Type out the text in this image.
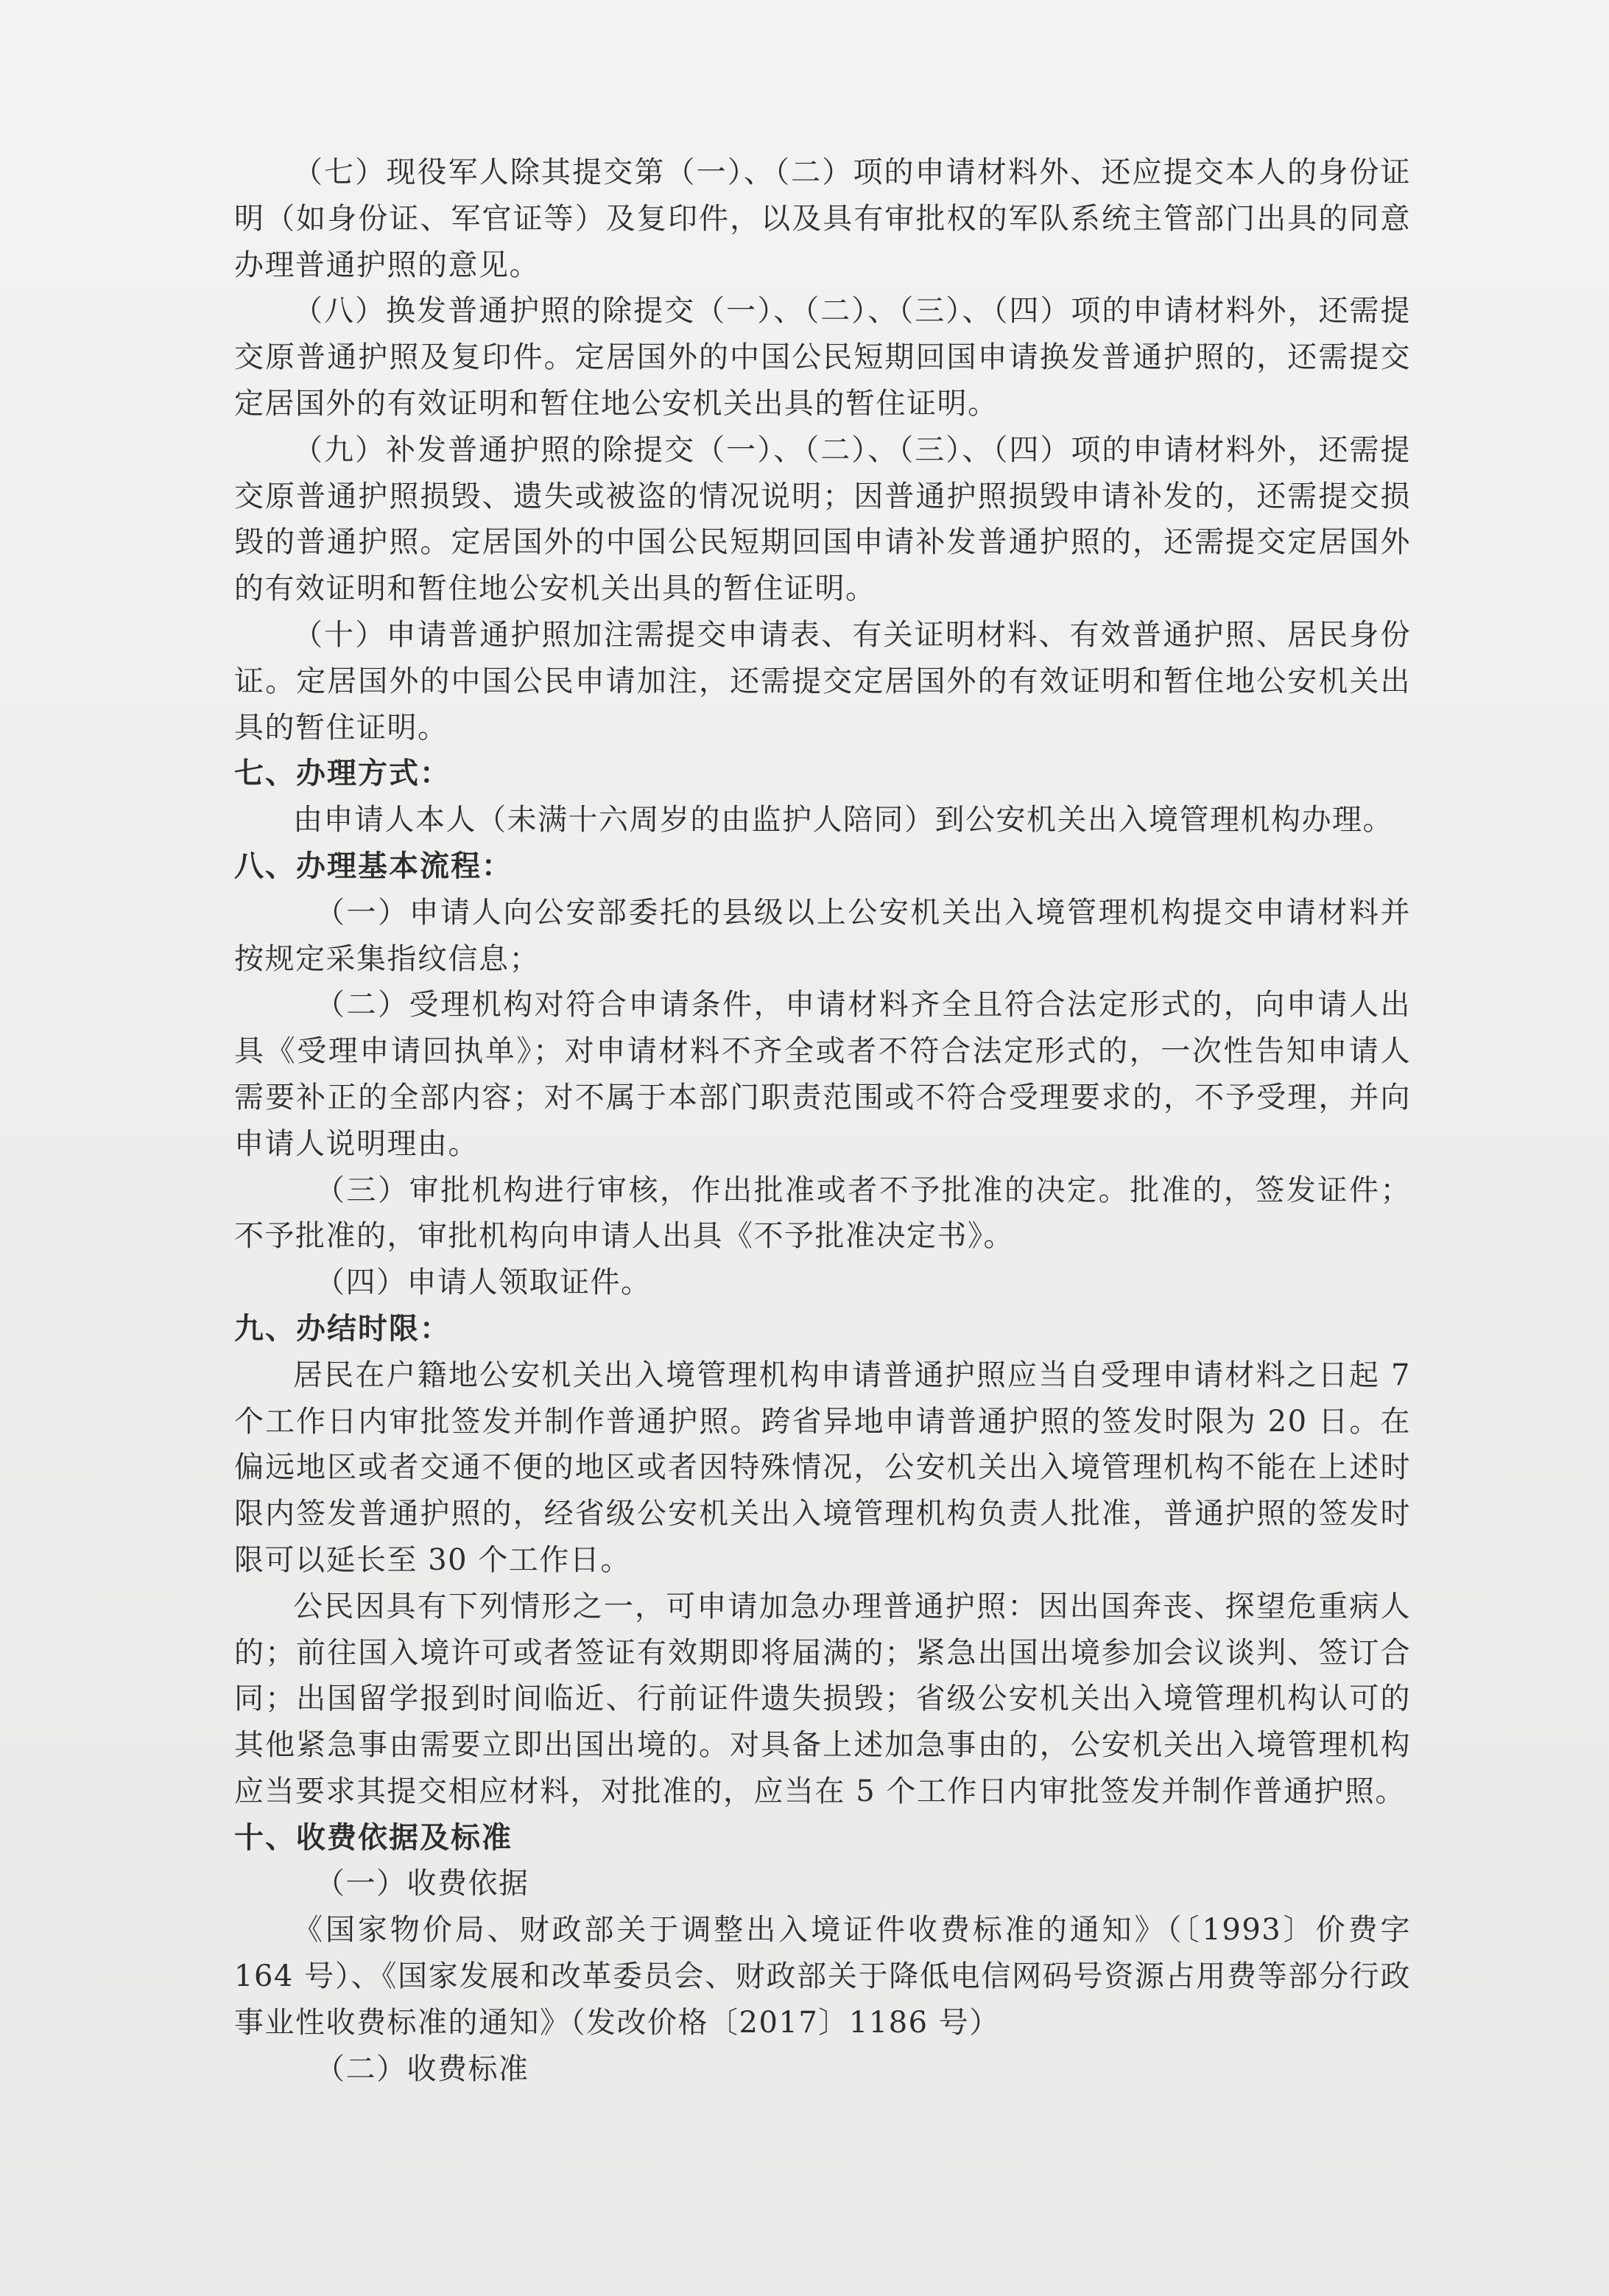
（七）现役军人除其提交第（一）、（二）项的申请材料外、还应提交本人的身份证明（如身份证、军官证等）及复印件，以及具有审批权的军队系统主管部门出具的同意办理普通护照的意见。

（八）换发普通护照的除提交（一）、（二）、（三）、（四）项的申请材料外，还需提交原普通护照及复印件。定居国外的中国公民短期回国申请换发普通护照的，还需提交定居国外的有效证明和暂住地公安机关出具的暂住证明。

（九）补发普通护照的除提交（一）、（二）、（三）、（四）项的申请材料外，还需提交原普通护照损毁、遗失或被盗的情况说明；因普通护照损毁申请补发的，还需提交损毁的普通护照。定居国外的中国公民短期回国申请补发普通护照的，还需提交定居国外的有效证明和暂住地公安机关出具的暂住证明。

（十）申请普通护照加注需提交申请表、有关证明材料、有效普通护照、居民身份证。定居国外的中国公民申请加注，还需提交定居国外的有效证明和暂住地公安机关出具的暂住证明。

七、办理方式：

由申请人本人（未满十六周岁的由监护人陪同）到公安机关出入境管理机构办理。

八、办理基本流程：

（一）申请人向公安部委托的县级以上公安机关出入境管理机构提交申请材料并按规定采集指纹信息；

（二）受理机构对符合申请条件，申请材料齐全且符合法定形式的，向申请人出具《受理申请回执单》；对申请材料不齐全或者不符合法定形式的，一次性告知申请人需要补正的全部内容；对不属于本部门职责范围或不符合受理要求的，不予受理，并向申请人说明理由。

（三）审批机构进行审核，作出批准或者不予批准的决定。批准的，签发证件；不予批准的，审批机构向申请人出具《不予批准决定书》。

（四）申请人领取证件。

九、办结时限：

居民在户籍地公安机关出入境管理机构申请普通护照应当自受理申请材料之日起 7 个工作日内审批签发并制作普通护照。跨省异地申请普通护照的签发时限为 20 日。在偏远地区或者交通不便的地区或者因特殊情况，公安机关出入境管理机构不能在上述时限内签发普通护照的，经省级公安机关出入境管理机构负责人批准，普通护照的签发时限可以延长至 30 个工作日。

公民因具有下列情形之一，可申请加急办理普通护照：因出国奔丧、探望危重病人的；前往国入境许可或者签证有效期即将届满的；紧急出国出境参加会议谈判、签订合同；出国留学报到时间临近、行前证件遗失损毁；省级公安机关出入境管理机构认可的其他紧急事由需要立即出国出境的。对具备上述加急事由的，公安机关出入境管理机构应当要求其提交相应材料，对批准的，应当在 5 个工作日内审批签发并制作普通护照。

十、收费依据及标准

（一）收费依据

《国家物价局、财政部关于调整出入境证件收费标准的通知》（〔1993〕价费字 164 号）、《国家发展和改革委员会、财政部关于降低电信网码号资源占用费等部分行政事业性收费标准的通知》（发改价格〔2017〕1186 号）

（二）收费标准
